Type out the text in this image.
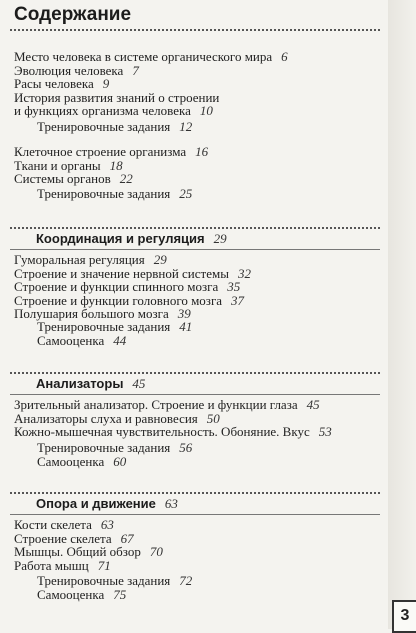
Содержание
Место человека в системе органического мира 6
Эволюция человека 7
Расы человека 9
История развития знаний о строении
и функциях организма человека 10
Тренировочные задания 12
Клеточное строение организма 16
Ткани и органы 18
Системы органов 22
Тренировочные задания 25
Координация и регуляция 29
Гуморальная регуляция 29
Строение и значение нервной системы 32
Строение и функции спинного мозга 35
Строение и функции головного мозга 37
Полушария большого мозга 39
Тренировочные задания 41
Самооценка 44
Анализаторы 45
Зрительный анализатор. Строение и функции глаза 45
Анализаторы слуха и равновесия 50
Кожно-мышечная чувствительность. Обоняние. Вкус 53
Тренировочные задания 56
Самооценка 60
Опора и движение 63
Кости скелета 63
Строение скелета 67
Мышцы. Общий обзор 70
Работа мышц 71
Тренировочные задания 72
Самооценка 75
3
